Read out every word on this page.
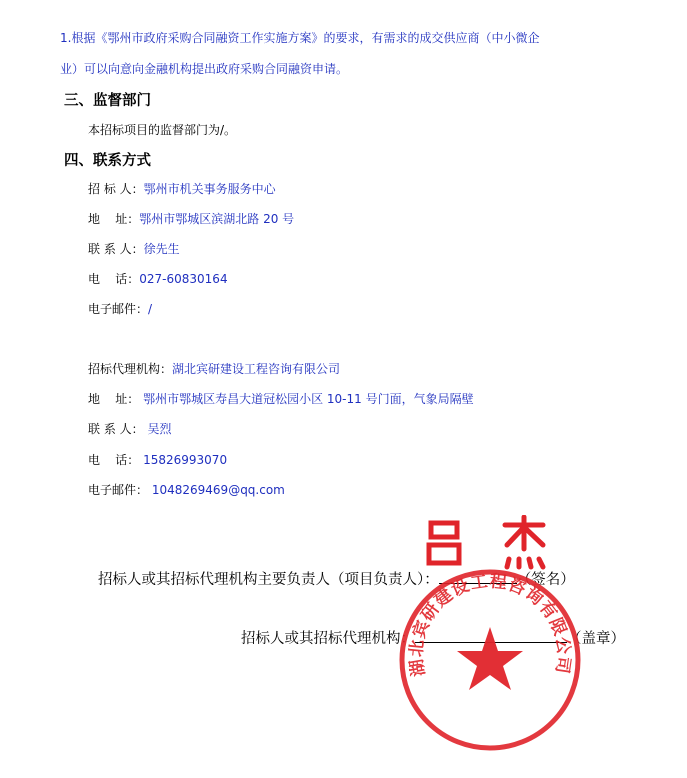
1.根据《鄂州市政府采购合同融资工作实施方案》的要求，有需求的成交供应商（中小微企
业）可以向意向金融机构提出政府采购合同融资申请。
三、监督部门
本招标项目的监督部门为/。
四、联系方式
招 标 人：鄂州市机关事务服务中心
地    址：鄂州市鄂城区滨湖北路 20 号
联 系 人：徐先生
电    话：027-60830164
电子邮件：/
招标代理机构：湖北宾研建设工程咨询有限公司
地    址： 鄂州市鄂城区寿昌大道冠松园小区 10-11 号门面，气象局隔壁
联 系 人： 吴烈
电    话： 15826993070
电子邮件： 1048269469@qq.com
招标人或其招标代理机构主要负责人（项目负责人）：	（签名）
招标人或其招标代理机构：	（盖章）
湖北宾研建设工程咨询有限公司
